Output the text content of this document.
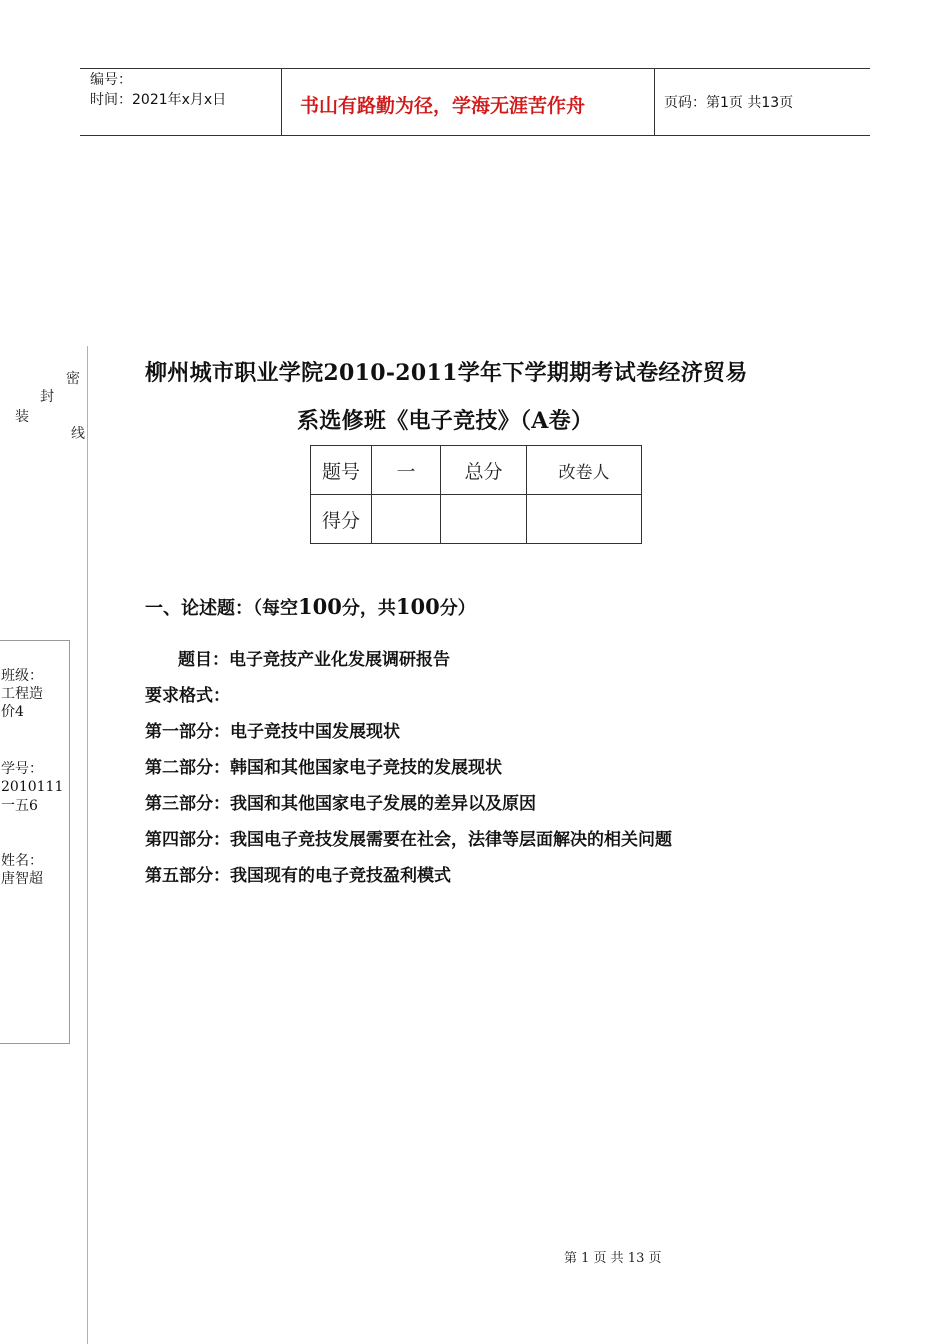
编号：
时间：2021年x月x日	书山有路勤为径，学海无涯苦作舟	页码：第1页 共13页
密
封
装
线
班级：
工程造
价4
学号：
2010111
一五6
姓名：
唐智超
柳州城市职业学院2010-2011学年下学期期考试卷经济贸易
系选修班《电子竞技》（A卷）
题号	一	总分	改卷人
得分			
一、论述题：（每空100分，共100分）
题目：电子竞技产业化发展调研报告
要求格式：
第一部分：电子竞技中国发展现状
第二部分：韩国和其他国家电子竞技的发展现状
第三部分：我国和其他国家电子发展的差异以及原因
第四部分：我国电子竞技发展需要在社会，法律等层面解决的相关问题
第五部分：我国现有的电子竞技盈利模式
第 1 页 共 13 页
